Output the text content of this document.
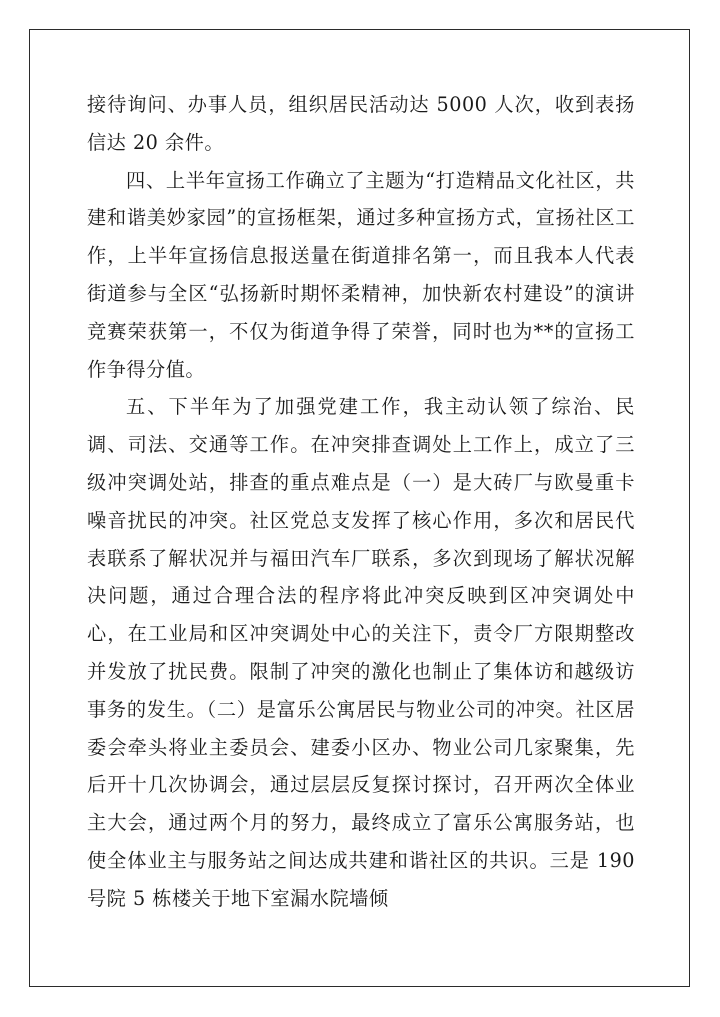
接待询问、办事人员，组织居民活动达 5000 人次，收到表扬信达 20 余件。

四、上半年宣扬工作确立了主题为“打造精品文化社区，共建和谐美妙家园”的宣扬框架，通过多种宣扬方式，宣扬社区工作，上半年宣扬信息报送量在街道排名第一，而且我本人代表街道参与全区“弘扬新时期怀柔精神，加快新农村建设”的演讲竞赛荣获第一，不仅为街道争得了荣誉，同时也为**的宣扬工作争得分值。

五、下半年为了加强党建工作，我主动认领了综治、民调、司法、交通等工作。在冲突排查调处上工作上，成立了三级冲突调处站，排查的重点难点是（一）是大砖厂与欧曼重卡噪音扰民的冲突。社区党总支发挥了核心作用，多次和居民代表联系了解状况并与福田汽车厂联系，多次到现场了解状况解决问题，通过合理合法的程序将此冲突反映到区冲突调处中心，在工业局和区冲突调处中心的关注下，责令厂方限期整改并发放了扰民费。限制了冲突的激化也制止了集体访和越级访事务的发生。（二）是富乐公寓居民与物业公司的冲突。社区居委会牵头将业主委员会、建委小区办、物业公司几家聚集，先后开十几次协调会，通过层层反复探讨探讨，召开两次全体业主大会，通过两个月的努力，最终成立了富乐公寓服务站，也使全体业主与服务站之间达成共建和谐社区的共识。三是 190 号院 5 栋楼关于地下室漏水院墙倾
